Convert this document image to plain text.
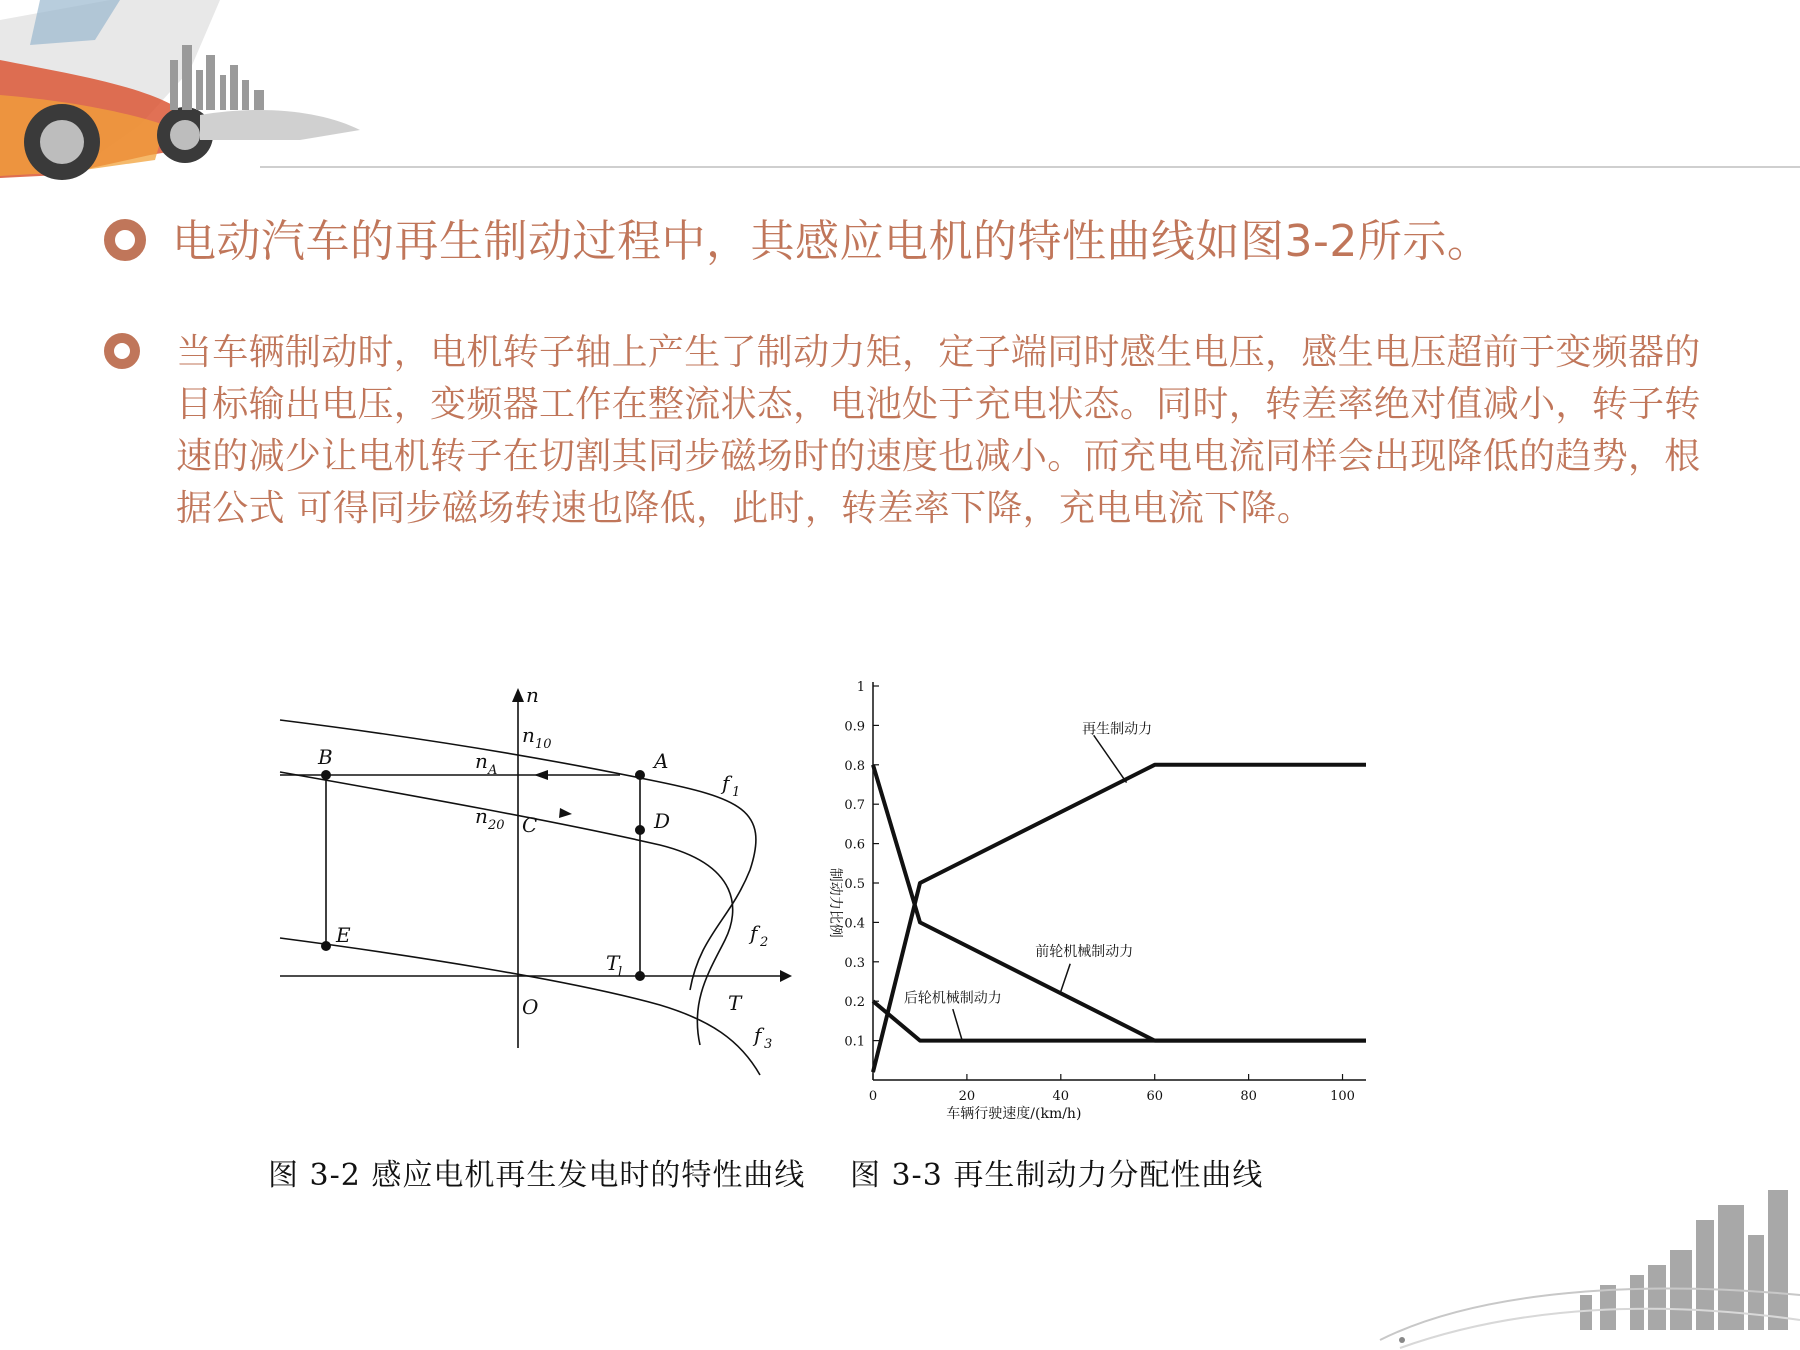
电动汽车的再生制动过程中，其感应电机的特性曲线如图3-2所示。
当车辆制动时，电机转子轴上产生了制动力矩，定子端同时感生电压，感生电压超前于变频器的目标输出电压，变频器工作在整流状态，电池处于充电状态。同时，转差率绝对值减小，转子转速的减少让电机转子在切割其同步磁场时的速度也减小。而充电电流同样会出现降低的趋势，根据公式 可得同步磁场转速也降低，此时，转差率下降，充电电流下降。
n
n 10
n A
n 20
A
B
C	D
E
O	T
T
l
f 1
f 2
f 3	0.1
0.2
0.3
0.4
0.5
0.6
0.7
0.8
0.9
1
0	20	40	60	80	100
车辆行驶速度/(km/h)
制动力比例
再生制动力
前轮机械制动力
后轮机械制动力
图 3-2 感应电机再生发电时的特性曲线 图 3-3 再生制动力分配性曲线
